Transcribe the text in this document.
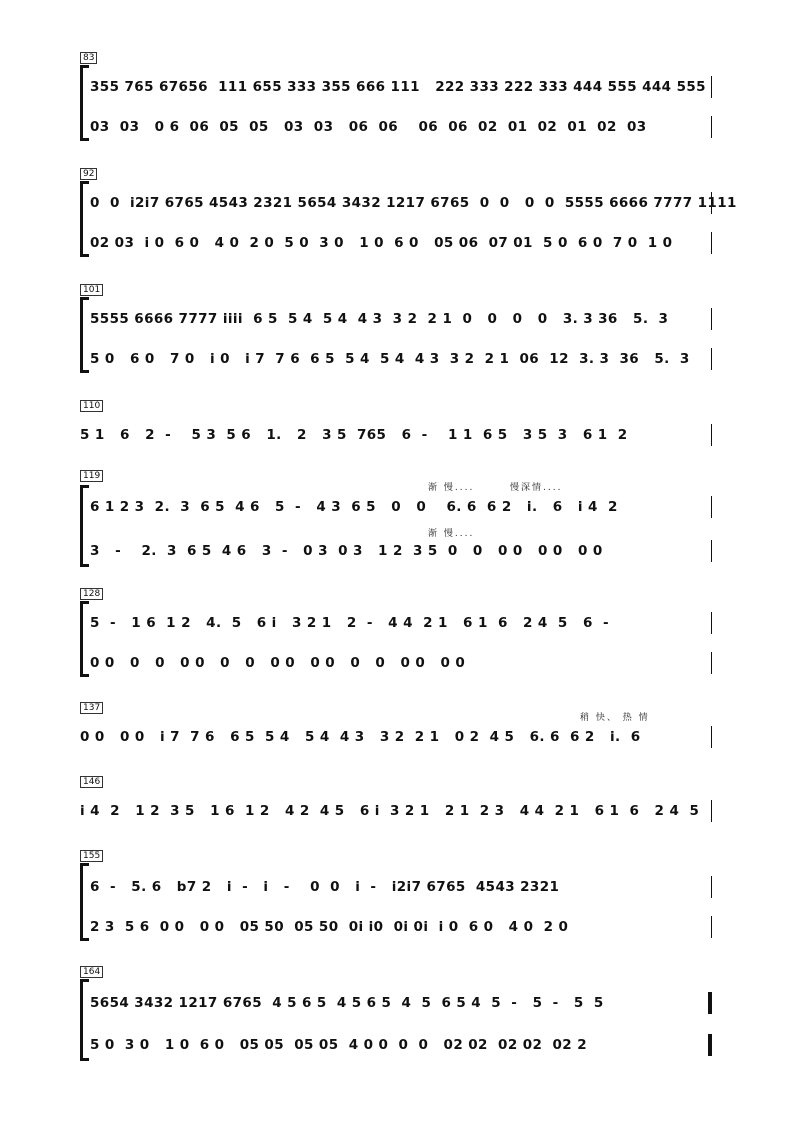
83
355 765 67656  111 655 333 355 666 111   222 333 222 333 444 555 444 555
03  03   0 6  06  05  05   03  03   06  06    06  06  02  01  02  01  02  03
92
0  0  i2i7 6765 4543 2321 5654 3432 1217 6765  0  0   0  0  5555 6666 7777 1111
02 03  i 0  6 0   4 0  2 0  5 0  3 0   1 0  6 0   05 06  07 01  5 0  6 0  7 0  1 0
101
5555 6666 7777 iiii  6 5  5 4  5 4  4 3  3 2  2 1  0   0   0   0   3. 3 36   5.  3
5 0   6 0   7 0   i 0   i 7  7 6  6 5  5 4  5 4  4 3  3 2  2 1  06  12  3. 3  36   5.  3
110
5 1   6   2  -    5 3  5 6   1.   2   3 5  765   6  -    1 1  6 5   3 5  3   6 1  2
119
渐 慢....	慢深情....
6 1 2 3  2.  3  6 5  4 6   5  -   4 3  6 5   0   0    6. 6  6 2   i.   6   i 4  2
渐 慢....
3   -    2.  3  6 5  4 6   3  -   0 3  0 3   1 2  3 5  0   0   0 0   0 0   0 0
128
5  -   1 6  1 2   4.  5   6 i   3 2 1   2  -   4 4  2 1   6 1  6   2 4  5   6  -
0 0   0   0   0 0   0   0   0 0   0 0   0   0   0 0   0 0
137
稍 快、 热 情
0 0   0 0   i 7  7 6   6 5  5 4   5 4  4 3   3 2  2 1   0 2  4 5   6. 6  6 2   i.  6
146
i 4  2   1 2  3 5   1 6  1 2   4 2  4 5   6 i  3 2 1   2 1  2 3   4 4  2 1   6 1  6   2 4  5
155
6  -   5. 6   b7 2   i  -   i   -    0  0   i  -   i2i7 6765  4543 2321
2 3  5 6  0 0   0 0   05 50  05 50  0i i0  0i 0i  i 0  6 0   4 0  2 0
164
5654 3432 1217 6765  4 5 6 5  4 5 6 5  4  5  6 5 4  5  -   5  -   5  5
5 0  3 0   1 0  6 0   05 05  05 05  4 0 0  0  0   02 02  02 02  02 2
